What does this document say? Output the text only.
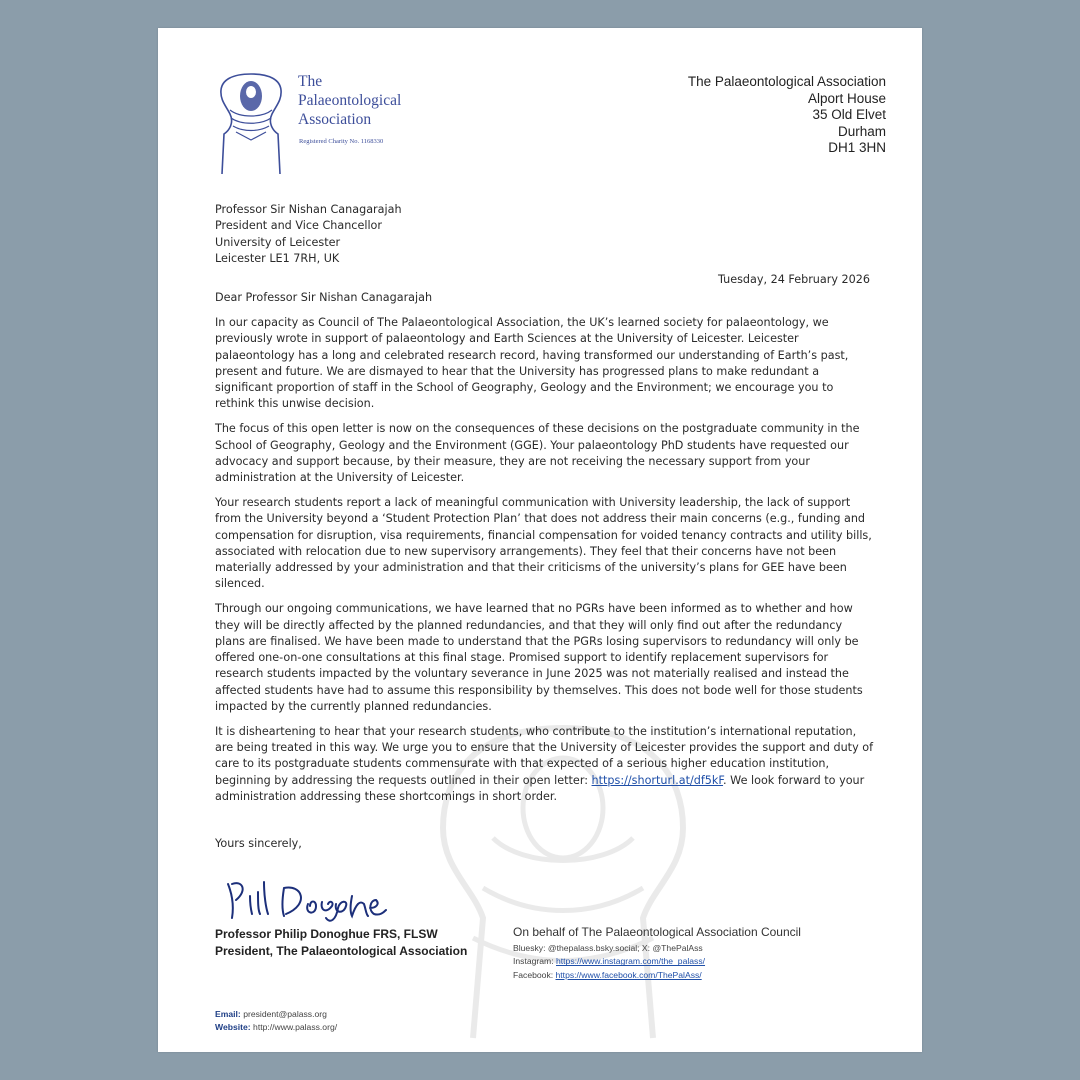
The
Palaeontological
Association
Registered Charity No. 1168330
The Palaeontological Association
Alport House
35 Old Elvet
Durham
DH1 3HN
Professor Sir Nishan Canagarajah
President and Vice Chancellor
University of Leicester
Leicester LE1 7RH, UK
Tuesday, 24 February 2026
Dear Professor Sir Nishan Canagarajah

In our capacity as Council of The Palaeontological Association, the UK’s learned society for palaeontology, we previously wrote in support of palaeontology and Earth Sciences at the University of Leicester. Leicester palaeontology has a long and celebrated research record, having transformed our understanding of Earth’s past, present and future. We are dismayed to hear that the University has progressed plans to make redundant a significant proportion of staff in the School of Geography, Geology and the Environment; we encourage you to rethink this unwise decision.

The focus of this open letter is now on the consequences of these decisions on the postgraduate community in the School of Geography, Geology and the Environment (GGE). Your palaeontology PhD students have requested our advocacy and support because, by their measure, they are not receiving the necessary support from your administration at the University of Leicester.

Your research students report a lack of meaningful communication with University leadership, the lack of support from the University beyond a ‘Student Protection Plan’ that does not address their main concerns (e.g., funding and compensation for disruption, visa requirements, financial compensation for voided tenancy contracts and utility bills, associated with relocation due to new supervisory arrangements). They feel that their concerns have not been materially addressed by your administration and that their criticisms of the university’s plans for GEE have been silenced.

Through our ongoing communications, we have learned that no PGRs have been informed as to whether and how they will be directly affected by the planned redundancies, and that they will only find out after the redundancy plans are finalised. We have been made to understand that the PGRs losing supervisors to redundancy will only be offered one-on-one consultations at this final stage. Promised support to identify replacement supervisors for research students impacted by the voluntary severance in June 2025 was not materially realised and instead the affected students have had to assume this responsibility by themselves. This does not bode well for those students impacted by the currently planned redundancies.

It is disheartening to hear that your research students, who contribute to the institution’s international reputation, are being treated in this way. We urge you to ensure that the University of Leicester provides the support and duty of care to its postgraduate students commensurate with that expected of a serious higher education institution, beginning by addressing the requests outlined in their open letter: https://shorturl.at/df5kF. We look forward to your administration addressing these shortcomings in short order.

Yours sincerely,
Professor Philip Donoghue FRS, FLSW
President, The Palaeontological Association
On behalf of The Palaeontological Association Council
Bluesky: @thepalass.bsky.social; X: @ThePalAss
Instagram: https://www.instagram.com/the_palass/
Facebook: https://www.facebook.com/ThePalAss/
Email: president@palass.org
Website: http://www.palass.org/
